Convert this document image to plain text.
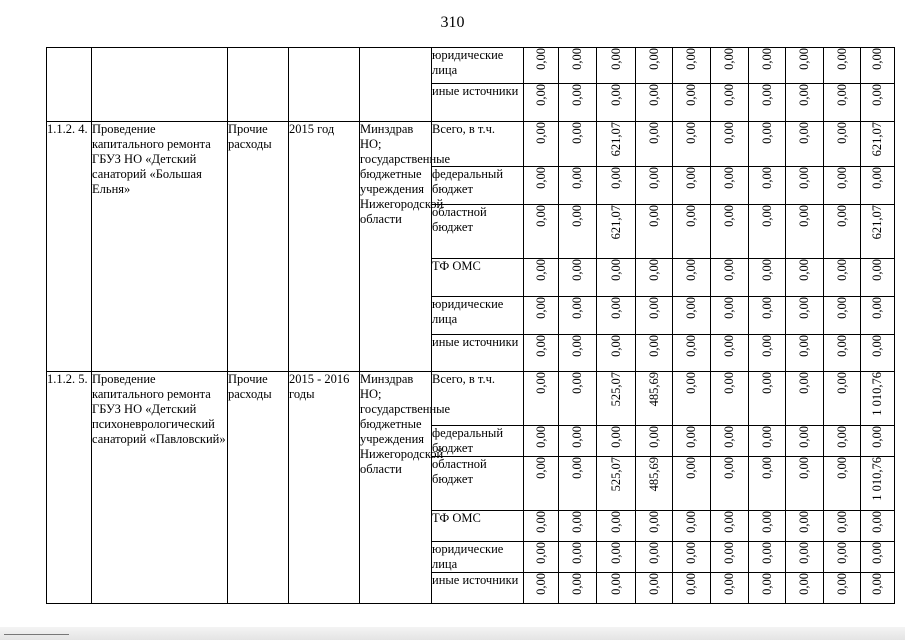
310
					юридические лица	0,00	0,00	0,00	0,00	0,00	0,00	0,00	0,00	0,00	0,00

					иные источники	0,00	0,00	0,00	0,00	0,00	0,00	0,00	0,00	0,00	0,00

1.1.2. 4.	Проведение капитального ремонта ГБУЗ НО «Детский санаторий «Большая Ельня»	Прочие расходы	2015 год	Минздрав НО; государственные бюджетные учреждения Нижегородской области	Всего, в т.ч.	0,00	0,00	621,07	0,00	0,00	0,00	0,00	0,00	0,00	621,07

					федеральный бюджет	0,00	0,00	0,00	0,00	0,00	0,00	0,00	0,00	0,00	0,00

					областной бюджет	0,00	0,00	621,07	0,00	0,00	0,00	0,00	0,00	0,00	621,07

					ТФ ОМС	0,00	0,00	0,00	0,00	0,00	0,00	0,00	0,00	0,00	0,00

					юридические лица	0,00	0,00	0,00	0,00	0,00	0,00	0,00	0,00	0,00	0,00

					иные источники	0,00	0,00	0,00	0,00	0,00	0,00	0,00	0,00	0,00	0,00

1.1.2. 5.	Проведение капитального ремонта ГБУЗ НО «Детский психоневрологический санаторий «Павловский»	Прочие расходы	2015 - 2016 годы	Минздрав НО; государственные бюджетные учреждения Нижегородской области	Всего, в т.ч.	0,00	0,00	525,07	485,69	0,00	0,00	0,00	0,00	0,00	1 010,76

					федеральный бюджет	0,00	0,00	0,00	0,00	0,00	0,00	0,00	0,00	0,00	0,00

					областной бюджет	0,00	0,00	525,07	485,69	0,00	0,00	0,00	0,00	0,00	1 010,76

					ТФ ОМС	0,00	0,00	0,00	0,00	0,00	0,00	0,00	0,00	0,00	0,00

					юридические лица	0,00	0,00	0,00	0,00	0,00	0,00	0,00	0,00	0,00	0,00

					иные источники	0,00	0,00	0,00	0,00	0,00	0,00	0,00	0,00	0,00	0,00
